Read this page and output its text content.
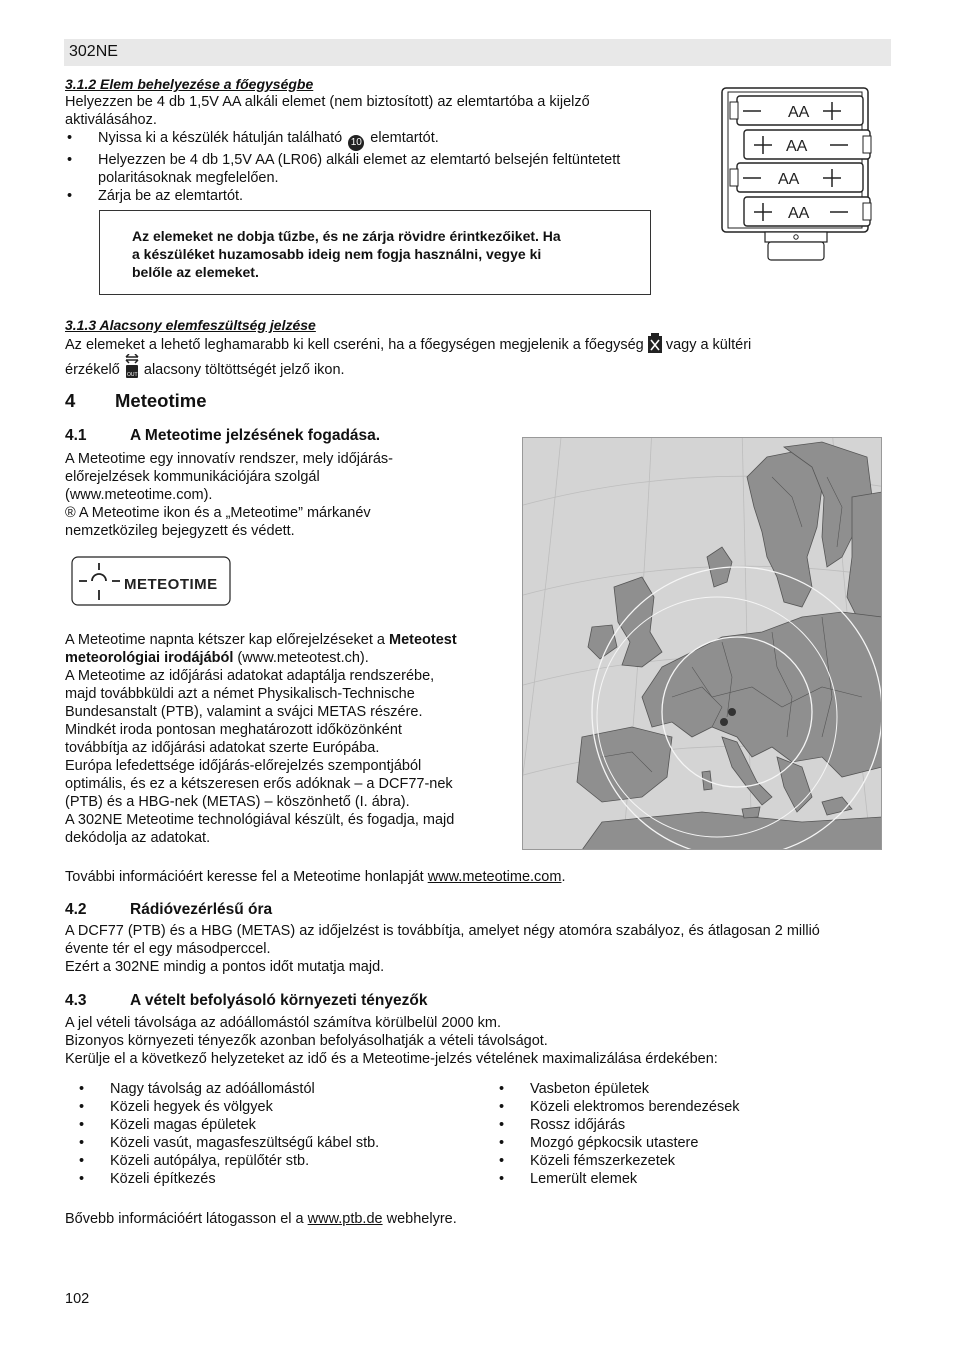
302NE
3.1.2 Elem behelyezése a főegységbe

Helyezzen be 4 db 1,5V AA alkáli elemet (nem biztosított) az elemtartóba a kijelző

aktiválásához.

• Nyissa ki a készülék hátulján található 10 elemtartót.
• Helyezzen be 4 db 1,5V AA (LR06) alkáli elemet az elemtartó belsején feltüntetett
polaritásoknak megfelelően.
• Zárja be az elemtartót.

Az elemeket ne dobja tűzbe, és ne zárja rövidre érintkezőiket. Ha
a készüléket huzamosabb ideig nem fogja használni, vegye ki
belőle az elemeket.

AA
AA
AA
AA
3.1.3 Alacsony elemfeszültség jelzése

Az elemeket a lehető leghamarabb ki kell cseréni, ha a főegységen megjelenik a főegység vagy a kültéri

érzékelő OUT alacsony töltöttségét jelző ikon.

4 Meteotime
4.1	A Meteotime jelzésének fogadása.

A Meteotime egy innovatív rendszer, mely időjárás-

előrejelzések kommunikációjára szolgál

(www.meteotime.com).

® A Meteotime ikon és a „Meteotime” márkanév

nemzetközileg bejegyzett és védett.

METEOTIME

A Meteotime napnta kétszer kap előrejelzéseket a Meteotest

meteorológiai irodájából (www.meteotest.ch).

A Meteotime az időjárási adatokat adaptálja rendszerébe,

majd továbbküldi azt a német Physikalisch-Technische

Bundesanstalt (PTB), valamint a svájci METAS részére.

Mindkét iroda pontosan meghatározott időközönként

továbbítja az időjárási adatokat szerte Európába.

Európa lefedettsége időjárás-előrejelzés szempontjából

optimális, és ez a kétszeresen erős adóknak – a DCF77-nek

(PTB) és a HBG-nek (METAS) – köszönhető (I. ábra).

A 302NE Meteotime technológiával készült, és fogadja, majd

dekódolja az adatokat.

További információért keresse fel a Meteotime honlapját www.meteotime.com.
4.2	Rádióvezérlésű óra

A DCF77 (PTB) és a HBG (METAS) az időjelzést is továbbítja, amelyet négy atomóra szabályoz, és átlagosan 2 millió

évente tér el egy másodperccel.

Ezért a 302NE mindig a pontos időt mutatja majd.

4.3	A vételt befolyásoló környezeti tényezők

A jel vételi távolsága az adóállomástól számítva körülbelül 2000 km.

Bizonyos környezeti tényezők azonban befolyásolhatják a vételi távolságot.

Kerülje el a következő helyzeteket az idő és a Meteotime-jelzés vételének maximalizálása érdekében:

• Nagy távolság az adóállomástól
• Közeli hegyek és völgyek
• Közeli magas épületek
• Közeli vasút, magasfeszültségű kábel stb.
• Közeli autópálya, repülőtér stb.
• Közeli építkezés
• Vasbeton épületek
• Közeli elektromos berendezések
• Rossz időjárás
• Mozgó gépkocsik utastere
• Közeli fémszerkezetek
• Lemerült elemek
Bővebb információért látogasson el a www.ptb.de webhelyre.
102
